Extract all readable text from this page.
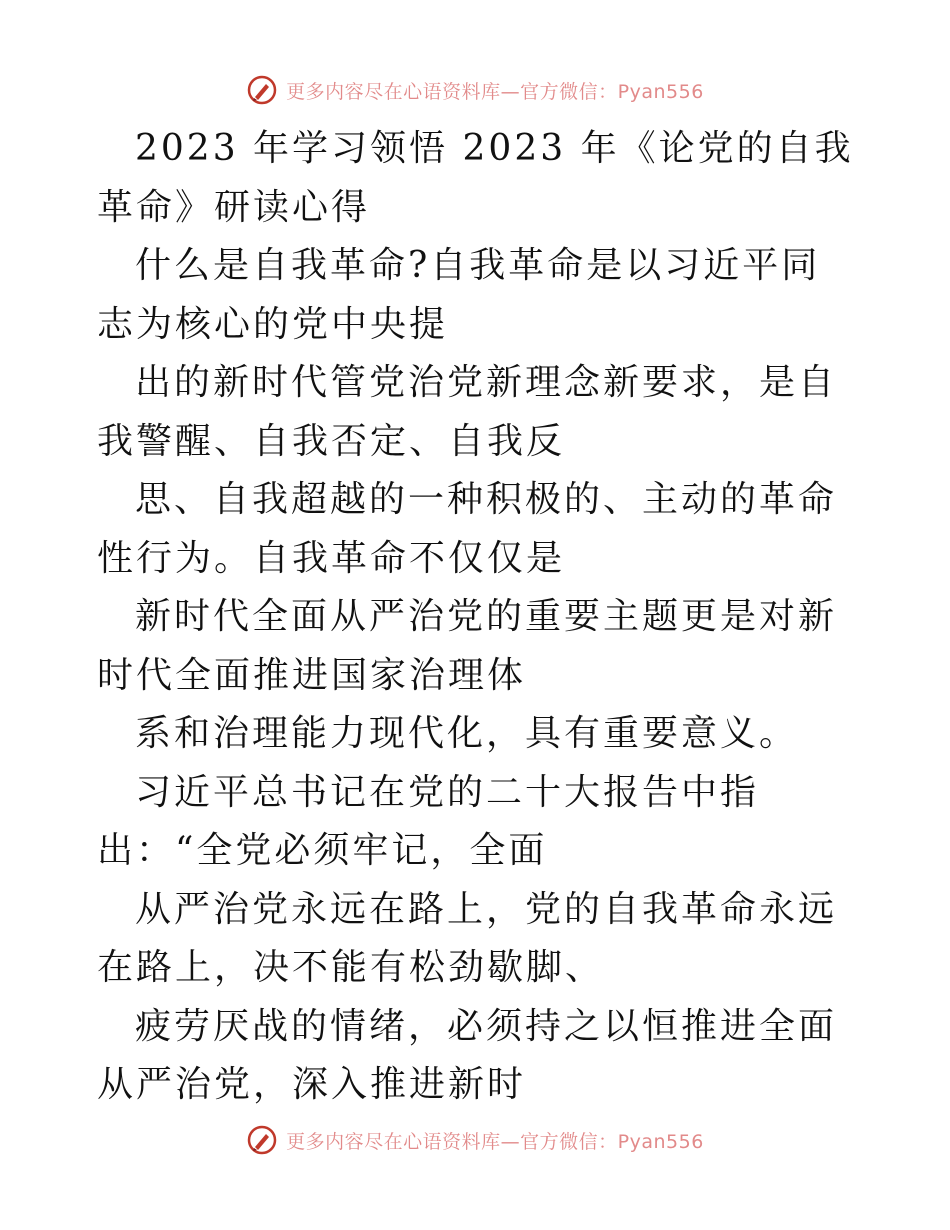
更多内容尽在心语资料库—官方微信：Pyan556

2023 年学习领悟 2023 年《论党的自我革命》研读心得

什么是自我革命?自我革命是以习近平同志为核心的党中央提

出的新时代管党治党新理念新要求，是自我警醒、自我否定、自我反

思、自我超越的一种积极的、主动的革命性行为。自我革命不仅仅是

新时代全面从严治党的重要主题更是对新时代全面推进国家治理体

系和治理能力现代化，具有重要意义。

习近平总书记在党的二十大报告中指出：“全党必须牢记，全面

从严治党永远在路上，党的自我革命永远在路上，决不能有松劲歇脚、

疲劳厌战的情绪，必须持之以恒推进全面从严治党，深入推进新时

更多内容尽在心语资料库—官方微信：Pyan556
